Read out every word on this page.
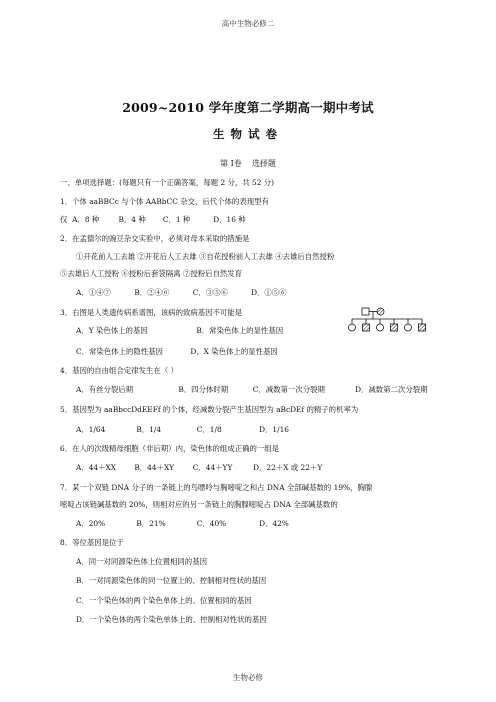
高中生物必修二
2009~2010 学年度第二学期高一期中考试
生物试卷
第 Ⅰ卷 选择题
一、单项选择题：(每题只有一个正确答案，每题 2 分，共 52 分)
1．个体 aaBBCc 与个体 AABbCC 杂交，后代个体的表现型有
仅 A．8 种	B．4 种 C．1 种	D．16 种
2．在孟德尔的豌豆杂交实验中，必须对母本采取的措施是
①开花前人工去雄 ②开花后人工去雄 ③自花授粉前人工去雄 ④去雄后自然授粉
⑤去雄后人工授粉 ⑥授粉后套袋隔离 ⑦授粉后自然发育
A．①④⑦	B．②④⑥	C．③⑤⑥	D．①⑤⑥
3．右图是人类遗传病系谱图，该病的致病基因不可能是
A．Y 染色体上的基因	B．常染色体上的显性基因
C．常染色体上的隐性基因	D．X 染色体上的显性基因
4．基因的自由组合定律发生在（ ）
A．有丝分裂后期	B．四分体时期	C．减数第一次分裂期	D．减数第二次分裂期
5．基因型为 aaBbccDdEEFf 的个体，经减数分裂产生基因型为 aBcDEf 的精子的机率为
A．1/64	B．1/4	C．1/8	D．1/16
6．在人的次级精母细胞（非后期）内，染色体的组成正确的一组是
A．44＋XX B．44＋XY	C．44＋YY	D．22＋X 或 22＋Y
7．某一个双链 DNA 分子的一条链上的鸟嘌呤与胸嘧啶之和占 DNA 全部碱基数的 19%，胸腺
嘧啶占该链碱基数的 20%，则相对应的另一条链上的胸腺嘧啶占 DNA 全部碱基数的
A．20%	B．21%	C．40%	D．42%
8．等位基因是位于
A．同一对同源染色体上位置相同的基因
B．一对同源染色体的同一位置上的、控制相对性状的基因
C．一个染色体的两个染色单体上的、位置相同的基因
D．一个染色体的两个染色单体上的、控制相对性状的基因
生物必修
